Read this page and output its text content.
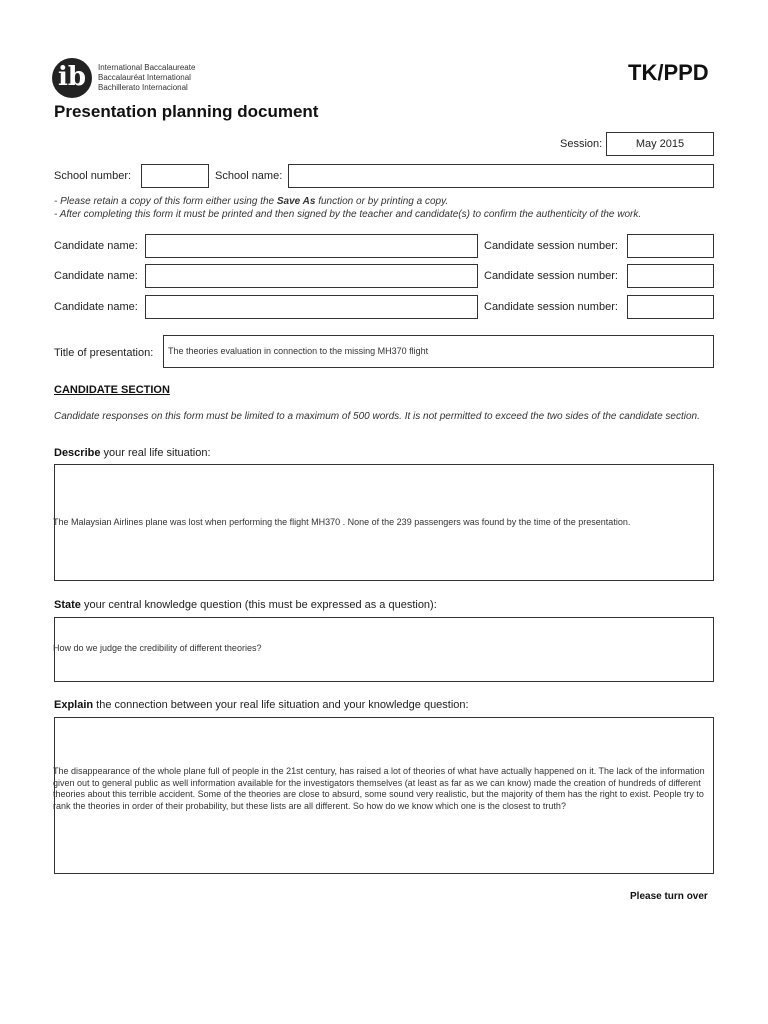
ib	International Baccalaureate
Baccalauréat International
Bachillerato Internacional
TK/PPD
Presentation planning document
Session:	May 2015
School number:	School name:
- Please retain a copy of this form either using the Save As function or by printing a copy.
- After completing this form it must be printed and then signed by the teacher and candidate(s) to confirm the authenticity of the work.
Candidate name:	Candidate session number:
Candidate name:	Candidate session number:
Candidate name:	Candidate session number:
Title of presentation:	The theories evaluation in connection to the missing MH370 flight
CANDIDATE SECTION
Candidate responses on this form must be limited to a maximum of 500 words. It is not permitted to exceed the two sides of the candidate section.
Describe your real life situation:
The Malaysian Airlines plane was lost when performing the flight MH370 . None of the 239 passengers was found by the time of the presentation.
State your central knowledge question (this must be expressed as a question):
How do we judge the credibility of different theories?
Explain the connection between your real life situation and your knowledge question:
The disappearance of the whole plane full of people in the 21st century, has raised a lot of theories of what have actually happened on it. The lack of the information given out to general public as well information available for the investigators themselves (at least as far as we can know) made the creation of hundreds of different theories about this terrible accident. Some of the theories are close to absurd, some sound very realistic, but the majority of them has the right to exist. People try to rank the theories in order of their probability, but these lists are all different. So how do we know which one is the closest to truth?
Please turn over
